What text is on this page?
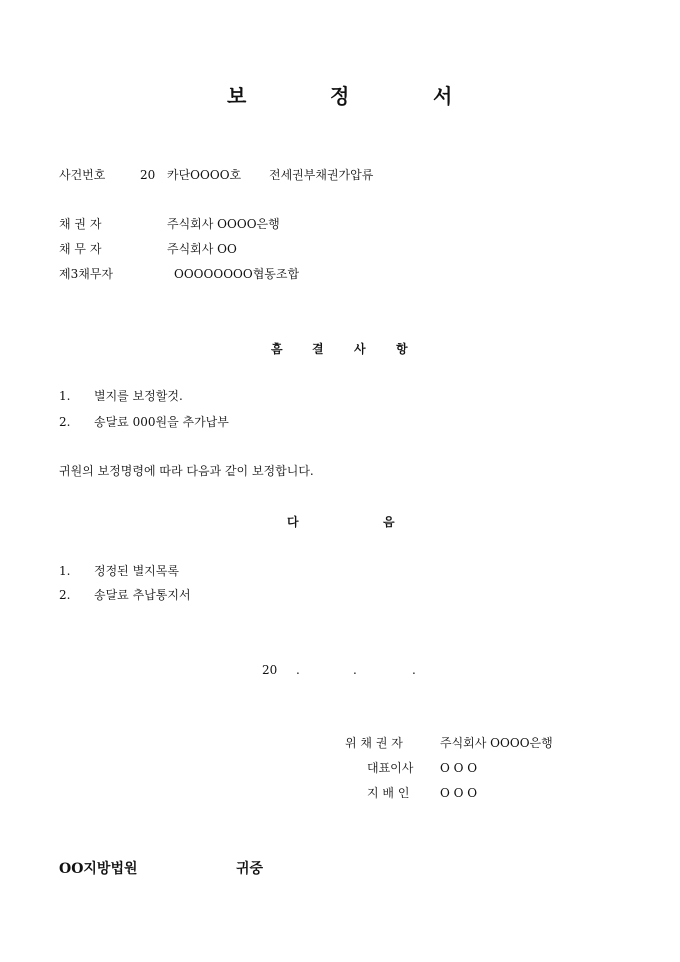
보	정	서
사건번호	20 카단OOOO호 전세권부채권가압류
채 권 자	주식회사 OOOO은행
채 무 자	주식회사 OO
제3채무자	OOOOOOOO협동조합
흠 결	사	항
1. 별지를 보정할것.
2. 송달료 000원을 추가납부
귀원의 보정명령에 따라 다음과 같이 보정합니다.
다	음
1. 정정된 별지목록
2. 송달료 추납통지서
20 .	.	.
위 채 권 자	주식회사 OOOO은행
대표이사 O O O
지 배 인	O O O
OO지방법원	귀중
